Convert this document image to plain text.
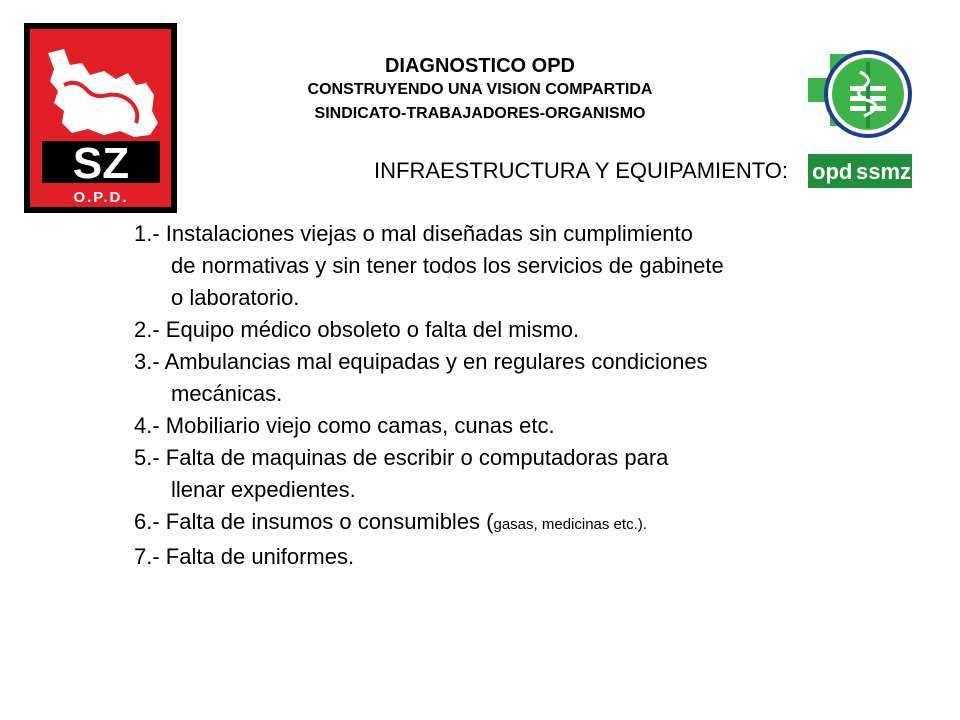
SZ
O.P.D.
opd ssmz
DIAGNOSTICO OPD
CONSTRUYENDO UNA VISION COMPARTIDA
SINDICATO-TRABAJADORES-ORGANISMO
INFRAESTRUCTURA Y EQUIPAMIENTO:
1.- Instalaciones viejas o mal diseñadas sin cumplimiento
de normativas y sin tener todos los servicios de gabinete
o laboratorio.
2.- Equipo médico obsoleto o falta del mismo.
3.- Ambulancias mal equipadas y en regulares condiciones
mecánicas.
4.- Mobiliario viejo como camas, cunas etc.
5.- Falta de maquinas de escribir o computadoras para
llenar expedientes.
6.- Falta de insumos o consumibles (gasas, medicinas etc.).
7.- Falta de uniformes.
